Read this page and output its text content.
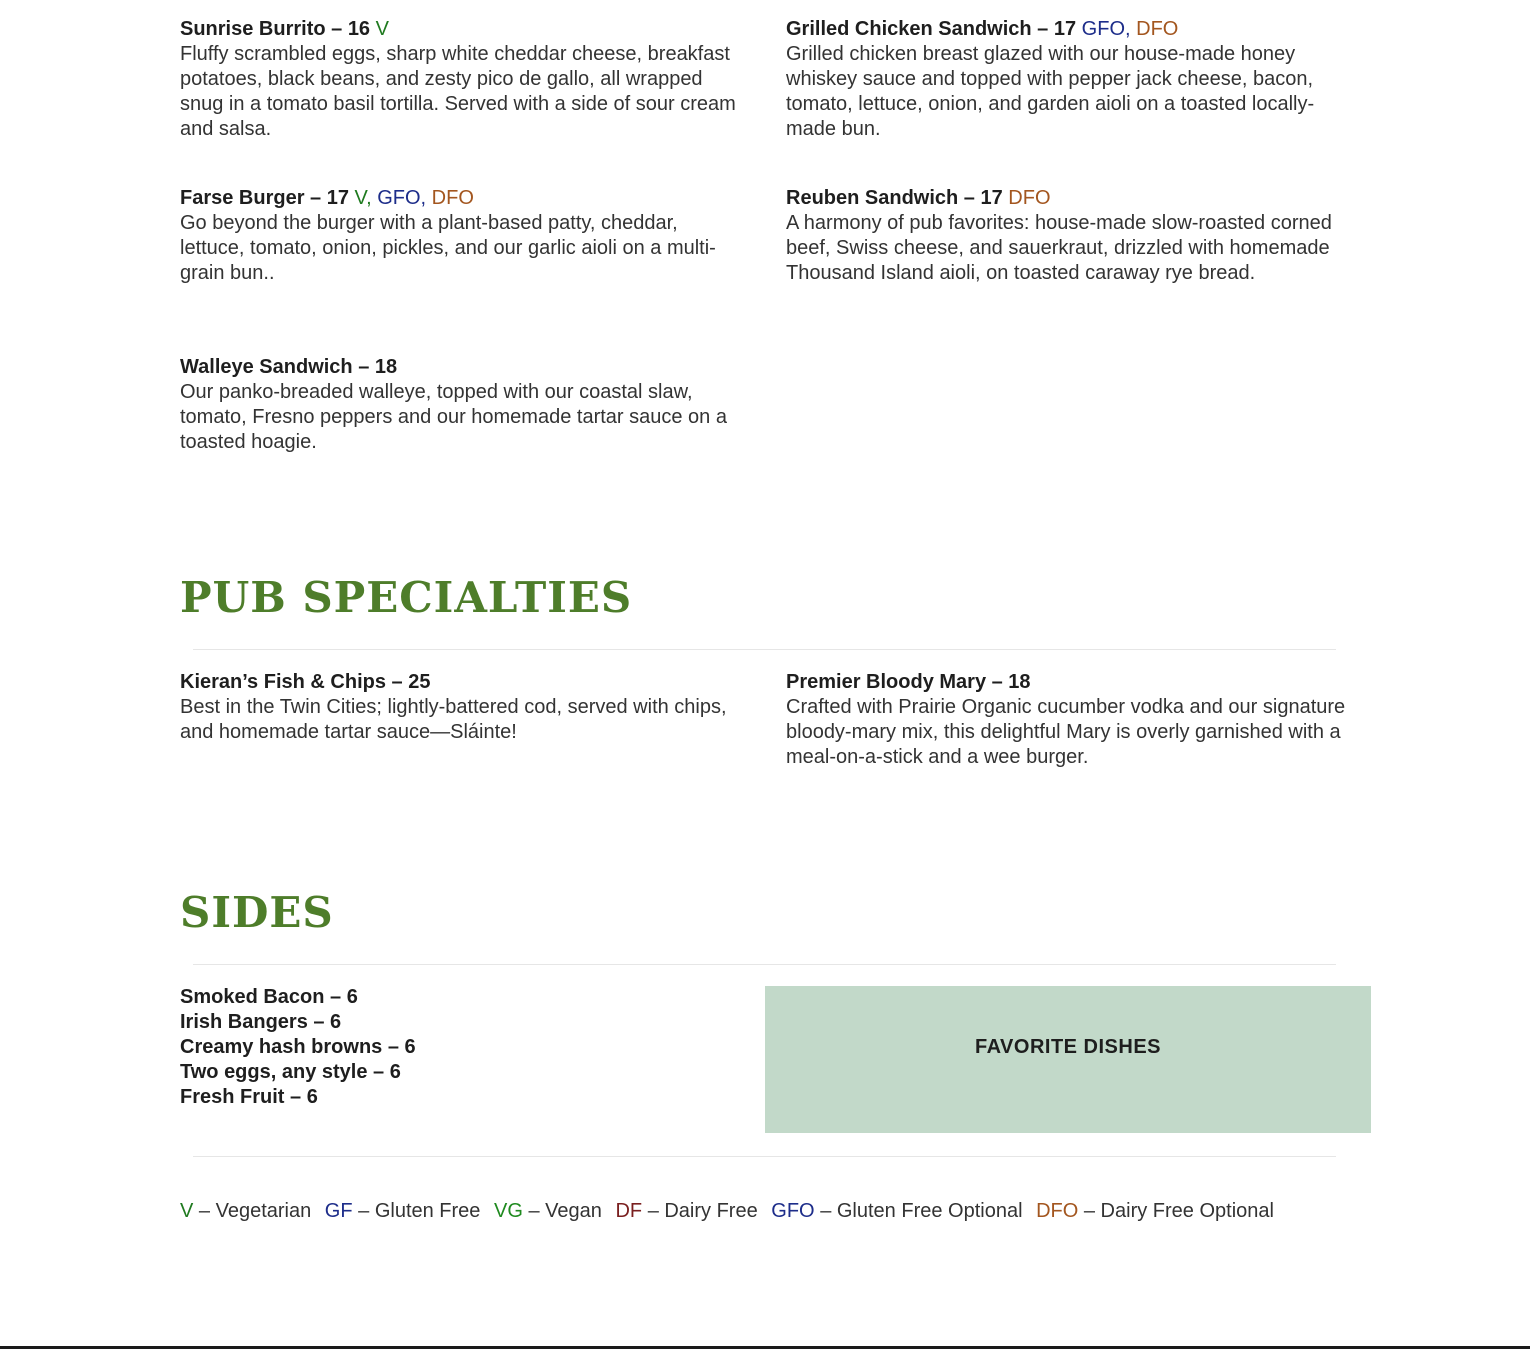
Sunrise Burrito – 16 V
Fluffy scrambled eggs, sharp white cheddar cheese, breakfast potatoes, black beans, and zesty pico de gallo, all wrapped snug in a tomato basil tortilla. Served with a side of sour cream and salsa.
Grilled Chicken Sandwich – 17 GFO, DFO
Grilled chicken breast glazed with our house-made honey whiskey sauce and topped with pepper jack cheese, bacon, tomato, lettuce, onion, and garden aioli on a toasted locally-made bun.
Farse Burger – 17 V, GFO, DFO
Go beyond the burger with a plant-based patty, cheddar, lettuce, tomato, onion, pickles, and our garlic aioli on a multi-grain bun..
Reuben Sandwich – 17 DFO
A harmony of pub favorites: house-made slow-roasted corned beef, Swiss cheese, and sauerkraut, drizzled with homemade Thousand Island aioli, on toasted caraway rye bread.
Walleye Sandwich – 18
Our panko-breaded walleye, topped with our coastal slaw, tomato, Fresno peppers and our homemade tartar sauce on a toasted hoagie.
PUB SPECIALTIES
Kieran’s Fish & Chips – 25
Best in the Twin Cities; lightly-battered cod, served with chips, and homemade tartar sauce—Sláinte!
Premier Bloody Mary – 18
Crafted with Prairie Organic cucumber vodka and our signature bloody-mary mix, this delightful Mary is overly garnished with a meal-on-a-stick and a wee burger.
SIDES
Smoked Bacon – 6
Irish Bangers – 6
Creamy hash browns – 6
Two eggs, any style – 6
Fresh Fruit – 6
FAVORITE DISHES
V – Vegetarian GF – Gluten Free VG – Vegan DF – Dairy Free GFO – Gluten Free Optional DFO – Dairy Free Optional
